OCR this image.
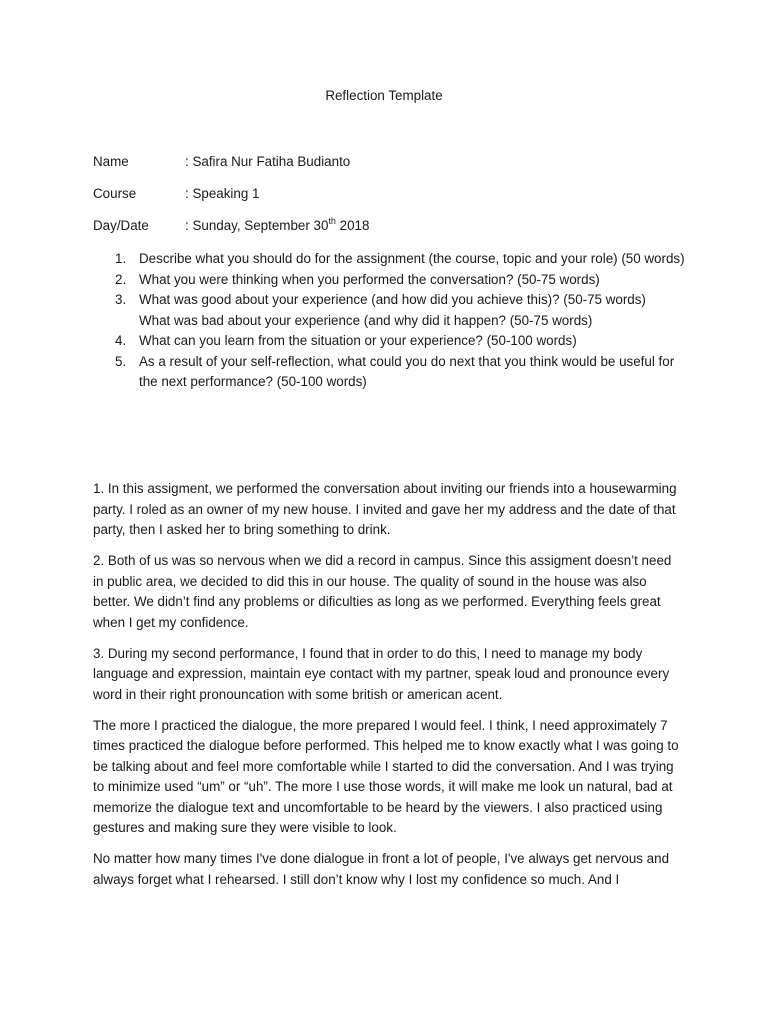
Reflection Template
Name	: Safira Nur Fatiha Budianto
Course	: Speaking 1
Day/Date	: Sunday, September 30th 2018
1. Describe what you should do for the assignment (the course, topic and your role) (50 words)
2. What you were thinking when you performed the conversation? (50-75 words)
3. What was good about your experience (and how did you achieve this)? (50-75 words)
What was bad about your experience (and why did it happen? (50-75 words)
4. What can you learn from the situation or your experience? (50-100 words)
5. As a result of your self-reflection, what could you do next that you think would be useful for the next performance? (50-100 words)

1. In this assigment, we performed the conversation about inviting our friends into a housewarming party. I roled as an owner of my new house. I invited and gave her my address and the date of that party, then I asked her to bring something to drink.

2. Both of us was so nervous when we did a record in campus. Since this assigment doesn’t need in public area, we decided to did this in our house. The quality of sound in the house was also better. We didn’t find any problems or dificulties as long as we performed. Everything feels great when I get my confidence.

3. During my second performance, I found that in order to do this, I need to manage my body language and expression, maintain eye contact with my partner, speak loud and pronounce every word in their right pronouncation with some british or american acent.

The more I practiced the dialogue, the more prepared I would feel. I think, I need approximately 7 times practiced the dialogue before performed. This helped me to know exactly what I was going to be talking about and feel more comfortable while I started to did the conversation. And I was trying to minimize used “um” or “uh”. The more I use those words, it will make me look un natural, bad at memorize the dialogue text and uncomfortable to be heard by the viewers. I also practiced using gestures and making sure they were visible to look.

No matter how many times I've done dialogue in front a lot of people, I've always get nervous and always forget what I rehearsed. I still don’t know why I lost my confidence so much. And I
